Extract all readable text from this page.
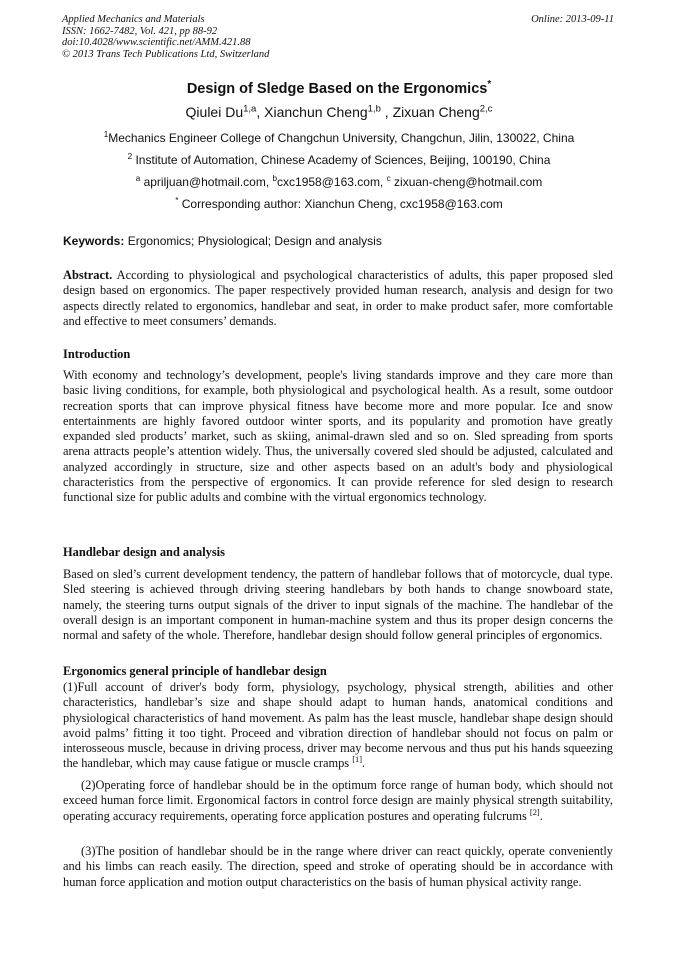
Applied Mechanics and Materials
ISSN: 1662-7482, Vol. 421, pp 88-92
doi:10.4028/www.scientific.net/AMM.421.88
© 2013 Trans Tech Publications Ltd, Switzerland
Online: 2013-09-11
Design of Sledge Based on the Ergonomics*
Qiulei Du$^{1,a}$, Xianchun Cheng$^{1,b}$ , Zixuan Cheng$^{2,c}$
$^1$Mechanics Engineer College of Changchun University, Changchun, Jilin, 130022, China
$^2$ Institute of Automation, Chinese Academy of Sciences, Beijing, 100190, China
$^a$ apriljuan@hotmail.com, $^b$cxc1958@163.com, $^c$ zixuan-cheng@hotmail.com
* Corresponding author: Xianchun Cheng, cxc1958@163.com
Keywords: Ergonomics; Physiological; Design and analysis
Abstract. According to physiological and psychological characteristics of adults, this paper proposed sled design based on ergonomics. The paper respectively provided human research, analysis and design for two aspects directly related to ergonomics, handlebar and seat, in order to make product safer, more comfortable and effective to meet consumers’ demands.
Introduction
With economy and technology’s development, people's living standards improve and they care more than basic living conditions, for example, both physiological and psychological health. As a result, some outdoor recreation sports that can improve physical fitness have become more and more popular. Ice and snow entertainments are highly favored outdoor winter sports, and its popularity and promotion have greatly expanded sled products’ market, such as skiing, animal-drawn sled and so on. Sled spreading from sports arena attracts people’s attention widely. Thus, the universally covered sled should be adjusted, calculated and analyzed accordingly in structure, size and other aspects based on an adult's body and physiological characteristics from the perspective of ergonomics. It can provide reference for sled design to research functional size for public adults and combine with the virtual ergonomics technology.
Handlebar design and analysis
Based on sled’s current development tendency, the pattern of handlebar follows that of motorcycle, dual type. Sled steering is achieved through driving steering handlebars by both hands to change snowboard state, namely, the steering turns output signals of the driver to input signals of the machine. The handlebar of the overall design is an important component in human-machine system and thus its proper design concerns the normal and safety of the whole. Therefore, handlebar design should follow general principles of ergonomics.
Ergonomics general principle of handlebar design
(1)Full account of driver's body form, physiology, psychology, physical strength, abilities and other characteristics, handlebar’s size and shape should adapt to human hands, anatomical conditions and physiological characteristics of hand movement. As palm has the least muscle, handlebar shape design should avoid palms’ fitting it too tight. Proceed and vibration direction of handlebar should not focus on palm or interosseous muscle, because in driving process, driver may become nervous and thus put his hands squeezing the handlebar, which may cause fatigue or muscle cramps [1].
(2)Operating force of handlebar should be in the optimum force range of human body, which should not exceed human force limit. Ergonomical factors in control force design are mainly physical strength suitability, operating accuracy requirements, operating force application postures and operating fulcrums [2].
(3)The position of handlebar should be in the range where driver can react quickly, operate conveniently and his limbs can reach easily. The direction, speed and stroke of operating should be in accordance with human force application and motion output characteristics on the basis of human physical activity range.
